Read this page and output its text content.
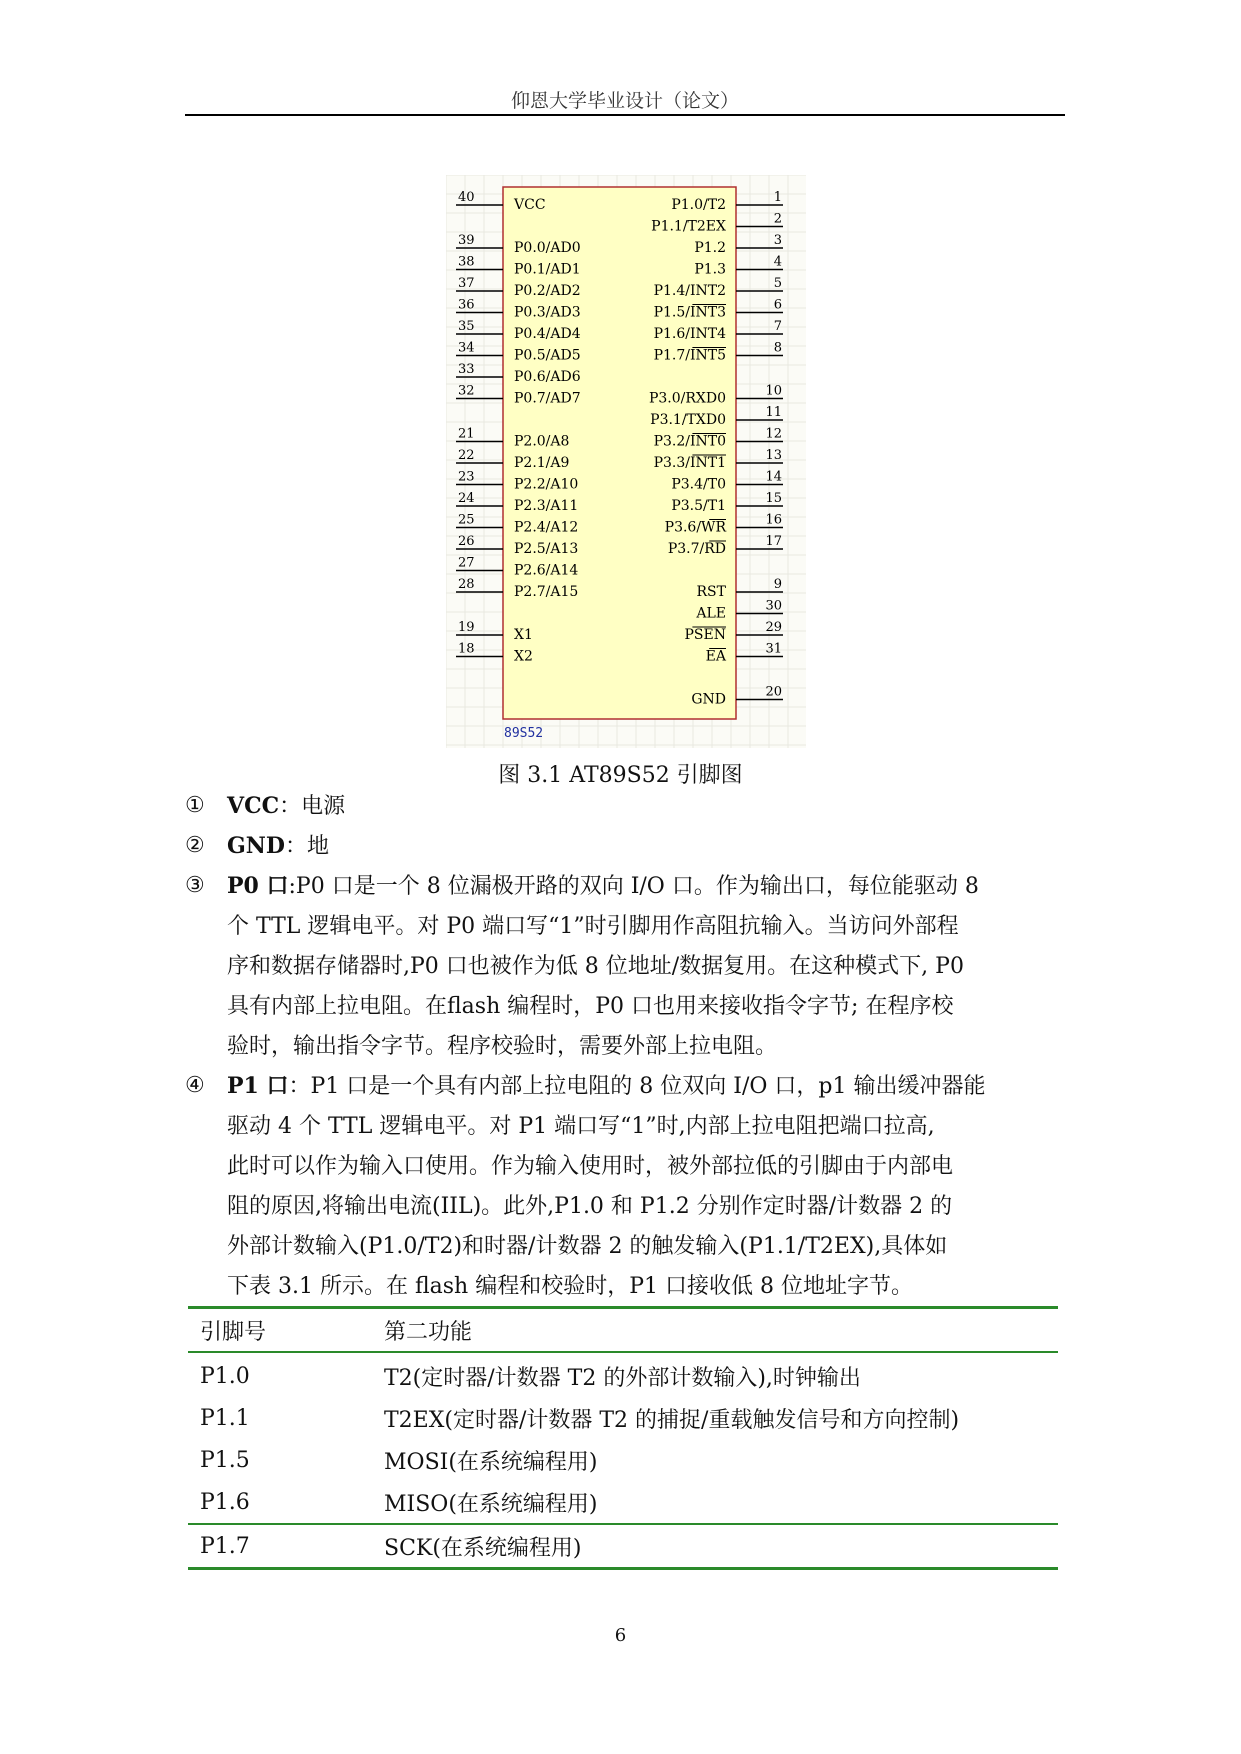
仰恩大学毕业设计（论文）
40	VCC
39	P0.0/AD0
38	P0.1/AD1
37	P0.2/AD2
36	P0.3/AD3
35	P0.4/AD4
34	P0.5/AD5
33	P0.6/AD6
32	P0.7/AD7
21	P2.0/A8
22	P2.1/A9
23	P2.2/A10
24	P2.3/A11
25	P2.4/A12
26	P2.5/A13
27	P2.6/A14
28	P2.7/A15
19	X1
18	X2
1
P1.0/T2
2
P1.1/T2EX
3
P1.2
4
P1.3
5
P1.4/INT2
6
P1.5/INT3
7
P1.6/INT4
8
P1.7/INT5
10
P3.0/RXD0
11
P3.1/TXD0
12
P3.2/INT0
13
P3.3/INT1
14
P3.4/T0
15
P3.5/T1
16
P3.6/WR
17
P3.7/RD
9
RST
30
ALE
29
PSEN
31
EA
20
GND
89S52
图 3.1 AT89S52 引脚图
①	VCC：电源
②	GND：地
③	P0 口:P0 口是一个 8 位漏极开路的双向 I/O 口。作为输出口，每位能驱动 8
个 TTL 逻辑电平。对 P0 端口写“1”时引脚用作高阻抗输入。当访问外部程
序和数据存储器时,P0 口也被作为低 8 位地址/数据复用。在这种模式下, P0
具有内部上拉电阻。在flash 编程时，P0 口也用来接收指令字节; 在程序校
验时，输出指令字节。程序校验时，需要外部上拉电阻。
④	P1 口：P1 口是一个具有内部上拉电阻的 8 位双向 I/O 口，p1 输出缓冲器能
驱动 4 个 TTL 逻辑电平。对 P1 端口写“1”时,内部上拉电阻把端口拉高,
此时可以作为输入口使用。作为输入使用时，被外部拉低的引脚由于内部电
阻的原因,将输出电流(IIL)。此外,P1.0 和 P1.2 分别作定时器/计数器 2 的
外部计数输入(P1.0/T2)和时器/计数器 2 的触发输入(P1.1/T2EX),具体如
下表 3.1 所示。在 flash 编程和校验时，P1 口接收低 8 位地址字节。
引脚号	第二功能
P1.0	T2(定时器/计数器 T2 的外部计数输入),时钟输出
P1.1	T2EX(定时器/计数器 T2 的捕捉/重载触发信号和方向控制)
P1.5	MOSI(在系统编程用)
P1.6	MISO(在系统编程用)
P1.7	SCK(在系统编程用)
6
